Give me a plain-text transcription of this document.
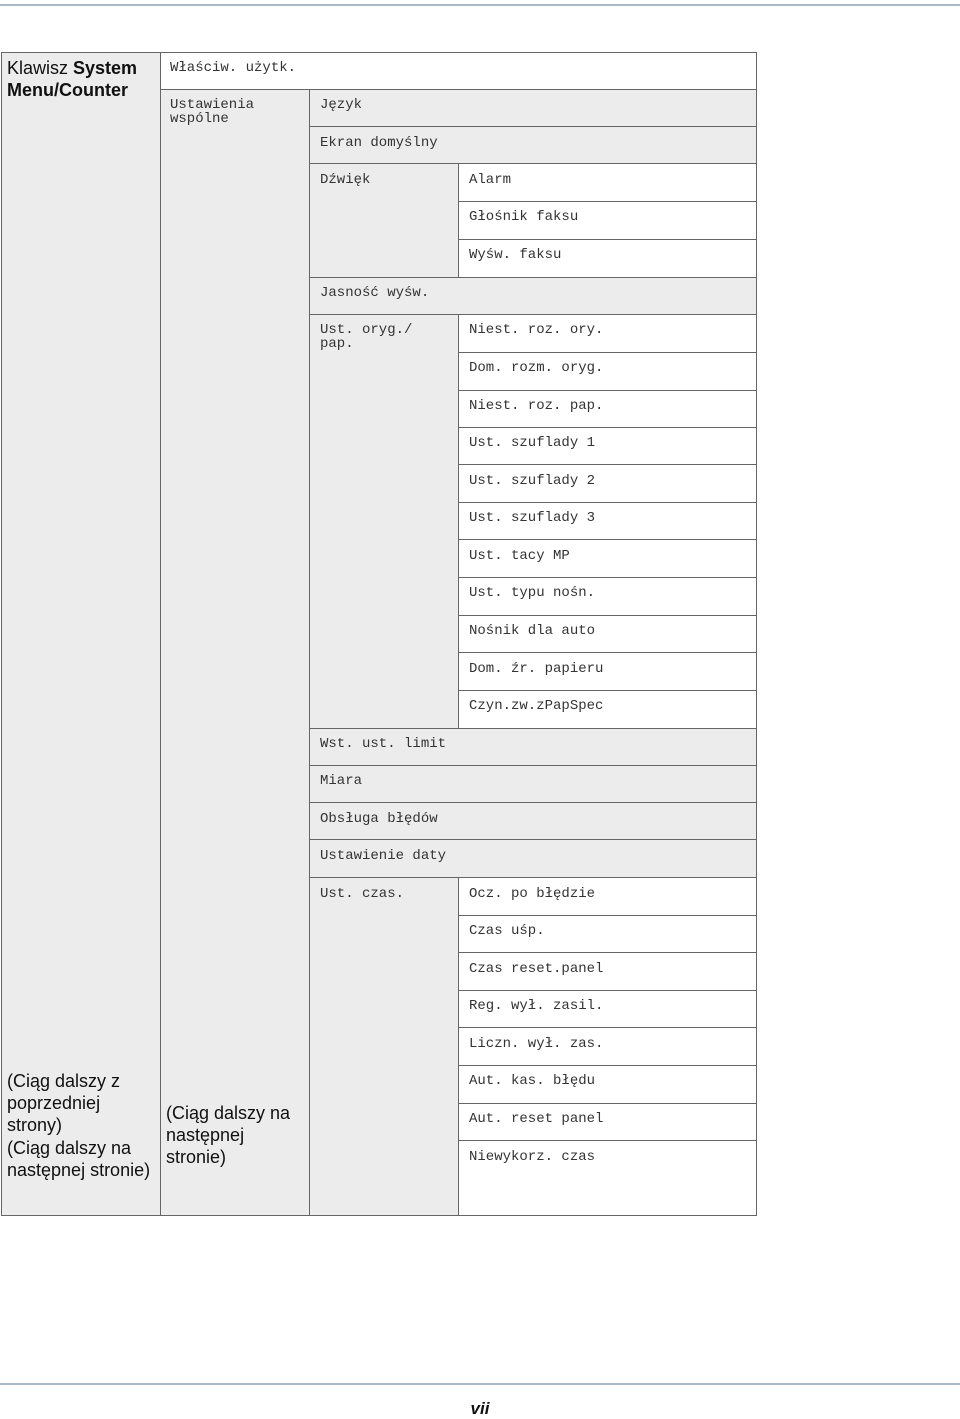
Klawisz System
Menu/Counter
(Ciąg dalszy z poprzedniej strony)
(Ciąg dalszy na następnej stronie)
Właściw. użytk.
Ustawienia wspólne
(Ciąg dalszy na następnej stronie)
Język
Ekran domyślny
Dźwięk
Jasność wyśw.
Ust. oryg./ pap.
Wst. ust. limit
Miara
Obsługa błędów
Ustawienie daty
Ust. czas.
Alarm
Głośnik faksu
Wyśw. faksu
Niest. roz. ory.
Dom. rozm. oryg.
Niest. roz. pap.
Ust. szuflady 1
Ust. szuflady 2
Ust. szuflady 3
Ust. tacy MP
Ust. typu nośn.
Nośnik dla auto
Dom. źr. papieru
Czyn.zw.zPapSpec
Ocz. po błędzie
Czas uśp.
Czas reset.panel
Reg. wył. zasil.
Liczn. wył. zas.
Aut. kas. błędu
Aut. reset panel
Niewykorz. czas
vii
